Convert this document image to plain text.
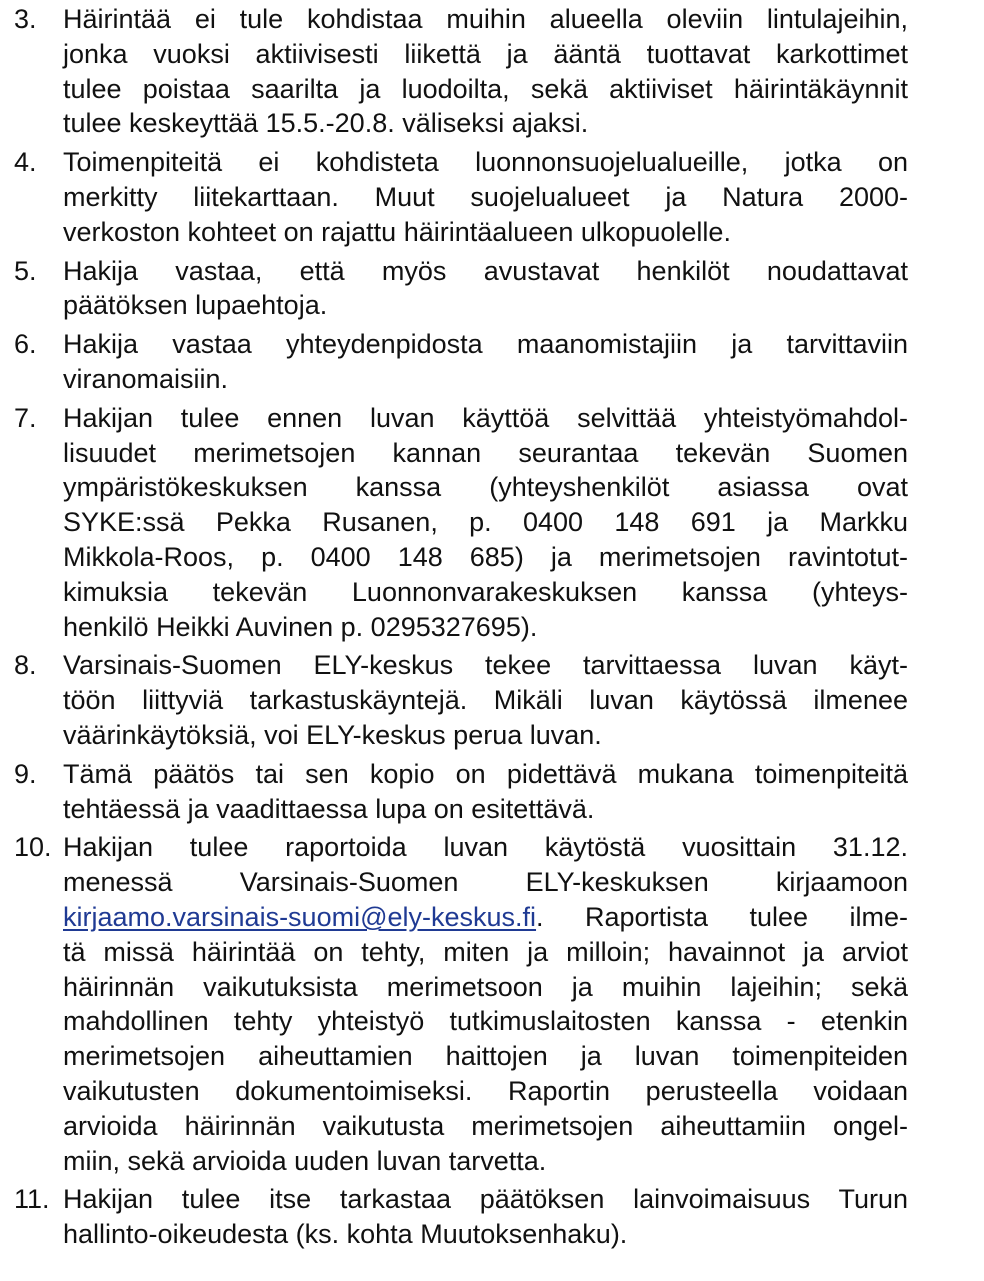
3. Häirintää ei tule kohdistaa muihin alueella oleviin lintulajeihin,
jonka vuoksi aktiivisesti liikettä ja ääntä tuottavat karkottimet
tulee poistaa saarilta ja luodoilta, sekä aktiiviset häirintäkäynnit
tulee keskeyttää 15.5.-20.8. väliseksi ajaksi.
4. Toimenpiteitä ei kohdisteta luonnonsuojelualueille, jotka on
merkitty liitekarttaan. Muut suojelualueet ja Natura 2000-
verkoston kohteet on rajattu häirintäalueen ulkopuolelle.
5. Hakija vastaa, että myös avustavat henkilöt noudattavat
päätöksen lupaehtoja.
6. Hakija vastaa yhteydenpidosta maanomistajiin ja tarvittaviin
viranomaisiin.
7. Hakijan tulee ennen luvan käyttöä selvittää yhteistyömahdol-
lisuudet merimetsojen kannan seurantaa tekevän Suomen
ympäristökeskuksen kanssa (yhteyshenkilöt asiassa ovat
SYKE:ssä Pekka Rusanen, p. 0400 148 691 ja Markku
Mikkola-Roos, p. 0400 148 685) ja merimetsojen ravintotut-
kimuksia tekevän Luonnonvarakeskuksen kanssa (yhteys-
henkilö Heikki Auvinen p. 0295327695).
8. Varsinais-Suomen ELY-keskus tekee tarvittaessa luvan käyt-
töön liittyviä tarkastuskäyntejä. Mikäli luvan käytössä ilmenee
väärinkäytöksiä, voi ELY-keskus perua luvan.
9. Tämä päätös tai sen kopio on pidettävä mukana toimenpiteitä
tehtäessä ja vaadittaessa lupa on esitettävä.
10. Hakijan tulee raportoida luvan käytöstä vuosittain 31.12.
menessä Varsinais-Suomen ELY-keskuksen kirjaamoon
kirjaamo.varsinais-suomi@ely-keskus.fi. Raportista tulee ilme-
tä missä häirintää on tehty, miten ja milloin; havainnot ja arviot
häirinnän vaikutuksista merimetsoon ja muihin lajeihin; sekä
mahdollinen tehty yhteistyö tutkimuslaitosten kanssa - etenkin
merimetsojen aiheuttamien haittojen ja luvan toimenpiteiden
vaikutusten dokumentoimiseksi. Raportin perusteella voidaan
arvioida häirinnän vaikutusta merimetsojen aiheuttamiin ongel-
miin, sekä arvioida uuden luvan tarvetta.
11. Hakijan tulee itse tarkastaa päätöksen lainvoimaisuus Turun
hallinto-oikeudesta (ks. kohta Muutoksenhaku).
